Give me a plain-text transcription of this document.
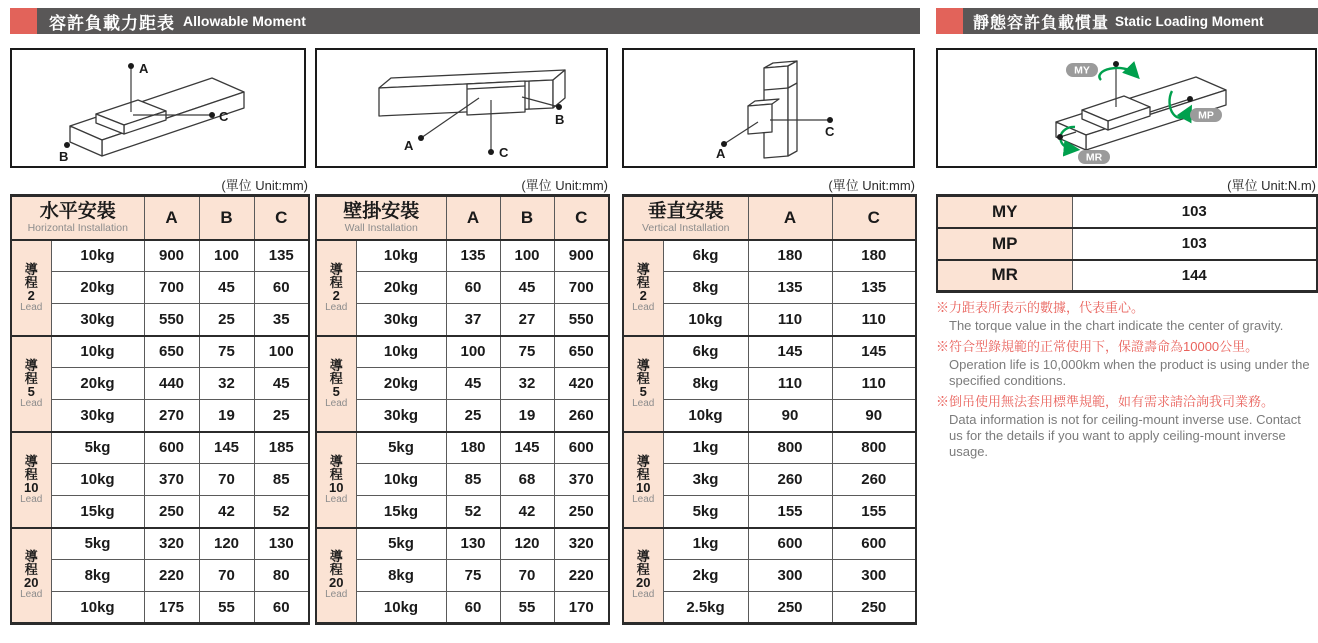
容許負載力距表 Allowable Moment	靜態容許負載慣量 Static Loading Moment
A
C
B
A	C
B
A
C
MY
MP
MR
(單位 Unit:mm)	(單位 Unit:mm)	(單位 Unit:mm)	(單位 Unit:N.m)
水平安裝
Horizontal Installation		A	B	C

導
程
2
Lead	10kg	900	100	135
	20kg	700	45	60
	30kg	550	25	35

導
程
5
Lead	10kg	650	75	100
	20kg	440	32	45
	30kg	270	19	25

導
程
10
Lead	5kg	600	145	185
	10kg	370	70	85
	15kg	250	42	52

導
程
20
Lead	5kg	320	120	130
	8kg	220	70	80
	10kg	175	55	60
壁掛安裝
Wall Installation		A	B	C

導
程
2
Lead	10kg	135	100	900
	20kg	60	45	700
	30kg	37	27	550

導
程
5
Lead	10kg	100	75	650
	20kg	45	32	420
	30kg	25	19	260

導
程
10
Lead	5kg	180	145	600
	10kg	85	68	370
	15kg	52	42	250

導
程
20
Lead	5kg	130	120	320
	8kg	75	70	220
	10kg	60	55	170
垂直安裝
Vertical Installation		A	C

導
程
2
Lead	6kg	180	180
	8kg	135	135
	10kg	110	110

導
程
5
Lead	6kg	145	145
	8kg	110	110
	10kg	90	90

導
程
10
Lead	1kg	800	800
	3kg	260	260
	5kg	155	155

導
程
20
Lead	1kg	600	600
	2kg	300	300
	2.5kg	250	250
MY	103
MP	103
MR	144
※力距表所表示的數據，代表重心。
The torque value in the chart indicate the center of gravity.
※符合型錄規範的正常使用下，保證壽命為10000公里。
Operation life is 10,000km when the product is using under the specified conditions.
※倒吊使用無法套用標準規範，如有需求請洽詢我司業務。
Data information is not for ceiling-mount inverse use. Contact us for the details if you want to apply ceiling-mount inverse usage.
